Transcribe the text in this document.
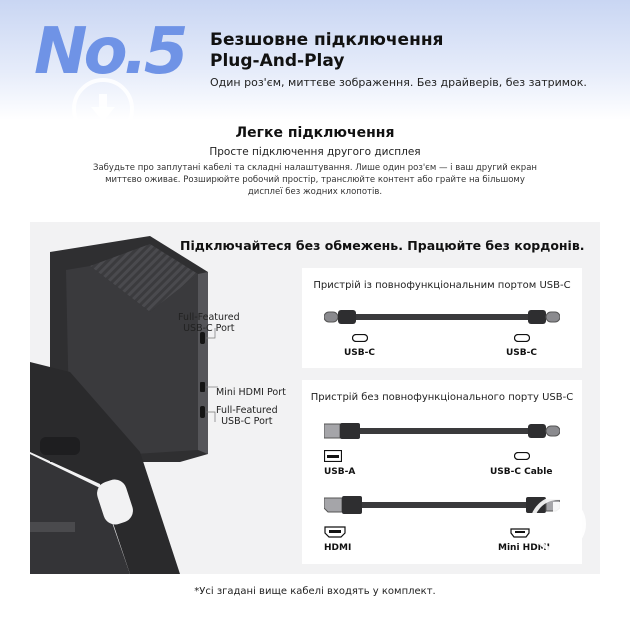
No.5 Безшовне підключення
Plug-And-Play
Один роз'єм, миттєве зображення. Без драйверів, без затримок.
Легке підключення
Просте підключення другого дисплея
Забудьте про заплутані кабелі та складні налаштування. Лише один роз'єм — і ваш другий екран миттєво оживає. Розширюйте робочий простір, транслюйте контент або грайте на більшому дисплеї без жодних клопотів.
Full-Featured
USB-C Port
Mini HDMI Port
Full-Featured
USB-C Port
Підключайтеся без обмежень. Працюйте без кордонів.
Пристрій із повнофункціональним портом USB-C
USB-C	USB-C
Пристрій без повнофункціонального порту USB-C
USB-A	USB-C Cable
HDMI	Mini HDMI
*Усі згадані вище кабелі входять у комплект.
